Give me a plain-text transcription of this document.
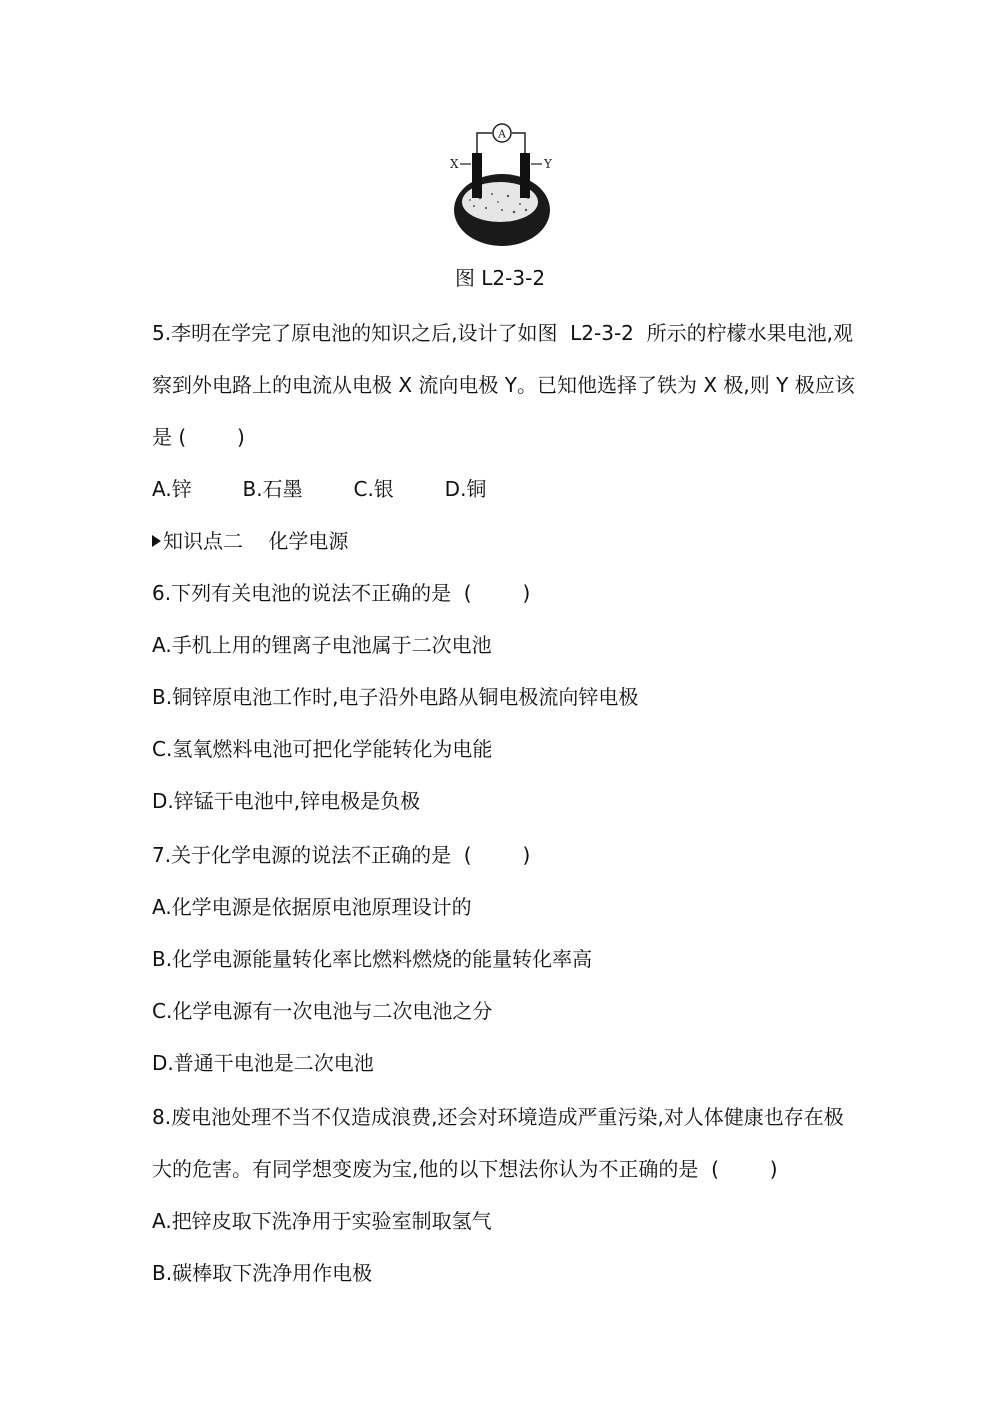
A
X	Y
图 L2-3-2
5.李明在学完了原电池的知识之后,设计了如图  L2-3-2  所示的柠檬水果电池,观
察到外电路上的电流从电极 X 流向电极 Y。已知他选择了铁为 X 极,则 Y 极应该
是 (        )
A.锌        B.石墨        C.银        D.铜
知识点二    化学电源
6.下列有关电池的说法不正确的是  (        )
A.手机上用的锂离子电池属于二次电池
B.铜锌原电池工作时,电子沿外电路从铜电极流向锌电极
C.氢氧燃料电池可把化学能转化为电能
D.锌锰干电池中,锌电极是负极
7.关于化学电源的说法不正确的是  (        )
A.化学电源是依据原电池原理设计的
B.化学电源能量转化率比燃料燃烧的能量转化率高
C.化学电源有一次电池与二次电池之分
D.普通干电池是二次电池
8.废电池处理不当不仅造成浪费,还会对环境造成严重污染,对人体健康也存在极
大的危害。有同学想变废为宝,他的以下想法你认为不正确的是  (        )
A.把锌皮取下洗净用于实验室制取氢气
B.碳棒取下洗净用作电极
